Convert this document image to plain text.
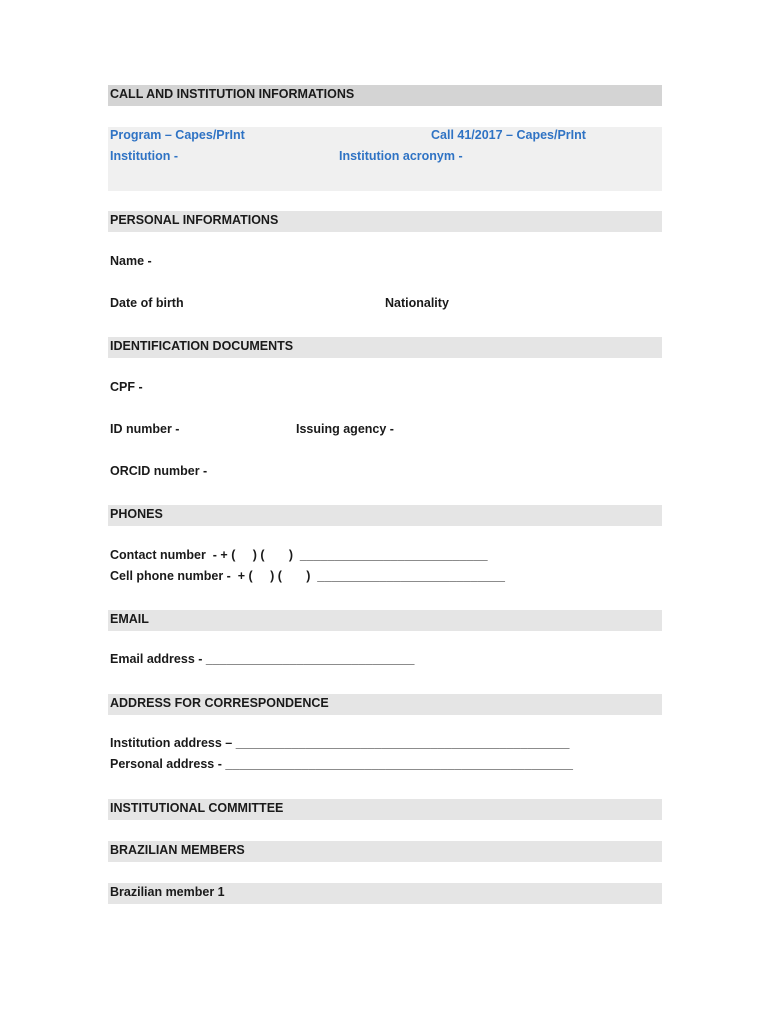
CALL AND INSTITUTION INFORMATIONS
Program – Capes/PrInt	Call 41/2017 – Capes/PrInt
Institution -	Institution acronym -
PERSONAL INFORMATIONS
Name -
Date of birth	Nationality
IDENTIFICATION DOCUMENTS
CPF -
ID number -	Issuing agency -
ORCID number -
PHONES
Contact number  - + (     ) (       )  ___________________________
Cell phone number -  + (     ) (       )  ___________________________
EMAIL
Email address - ______________________________
ADDRESS FOR CORRESPONDENCE
Institution address – ________________________________________________
Personal address - __________________________________________________
INSTITUTIONAL COMMITTEE
BRAZILIAN MEMBERS
Brazilian member 1
